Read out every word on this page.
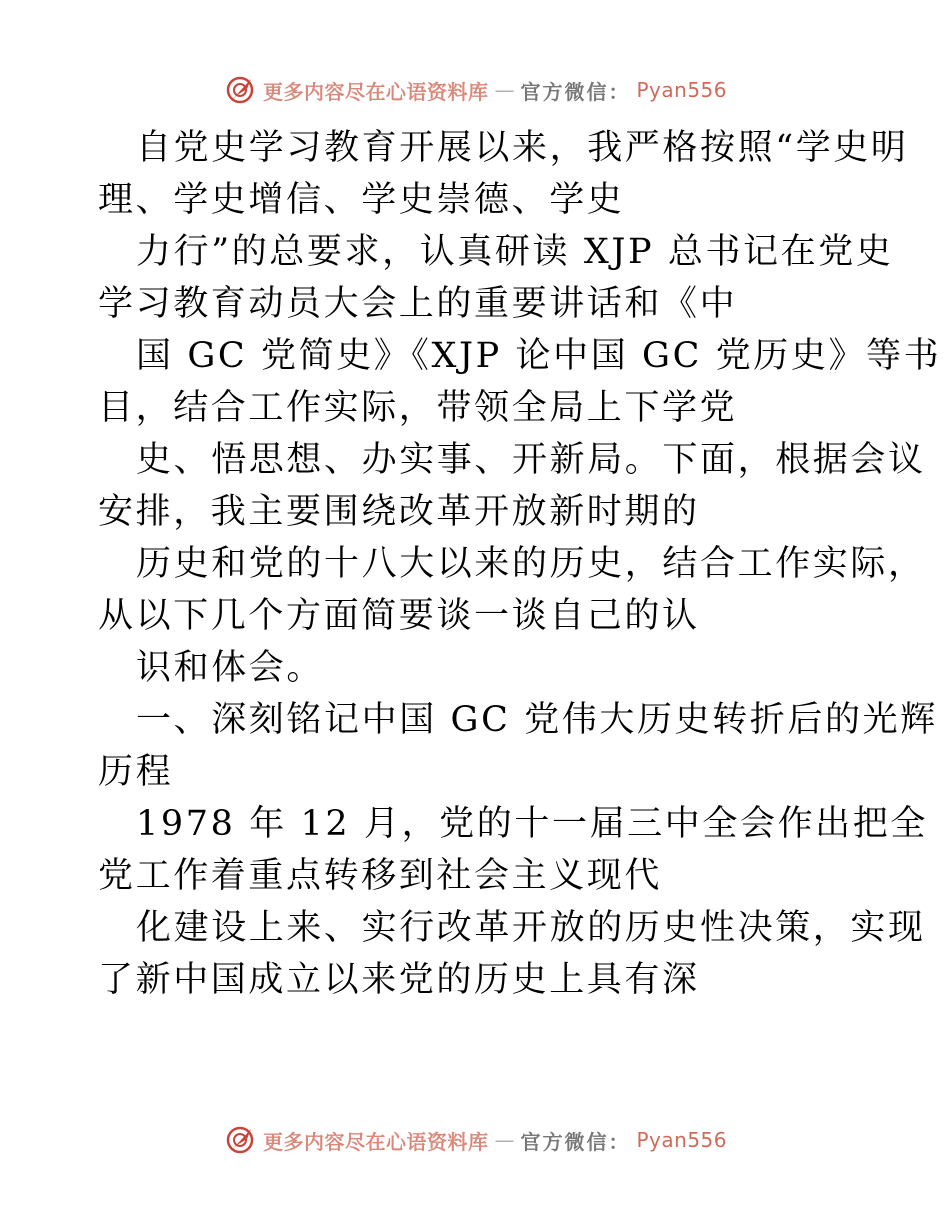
更多内容尽在心语资料库 — 官方微信： Pyan556
自党史学习教育开展以来，我严格按照“学史明
理、学史增信、学史崇德、学史
力行”的总要求，认真研读 XJP 总书记在党史
学习教育动员大会上的重要讲话和《中
国 GC 党简史》《XJP 论中国 GC 党历史》等书
目，结合工作实际，带领全局上下学党
史、悟思想、办实事、开新局。下面，根据会议
安排，我主要围绕改革开放新时期的
历史和党的十八大以来的历史，结合工作实际，
从以下几个方面简要谈一谈自己的认
识和体会。
一、深刻铭记中国 GC 党伟大历史转折后的光辉
历程
1978 年 12 月，党的十一届三中全会作出把全
党工作着重点转移到社会主义现代
化建设上来、实行改革开放的历史性决策，实现
了新中国成立以来党的历史上具有深
更多内容尽在心语资料库 — 官方微信： Pyan556
